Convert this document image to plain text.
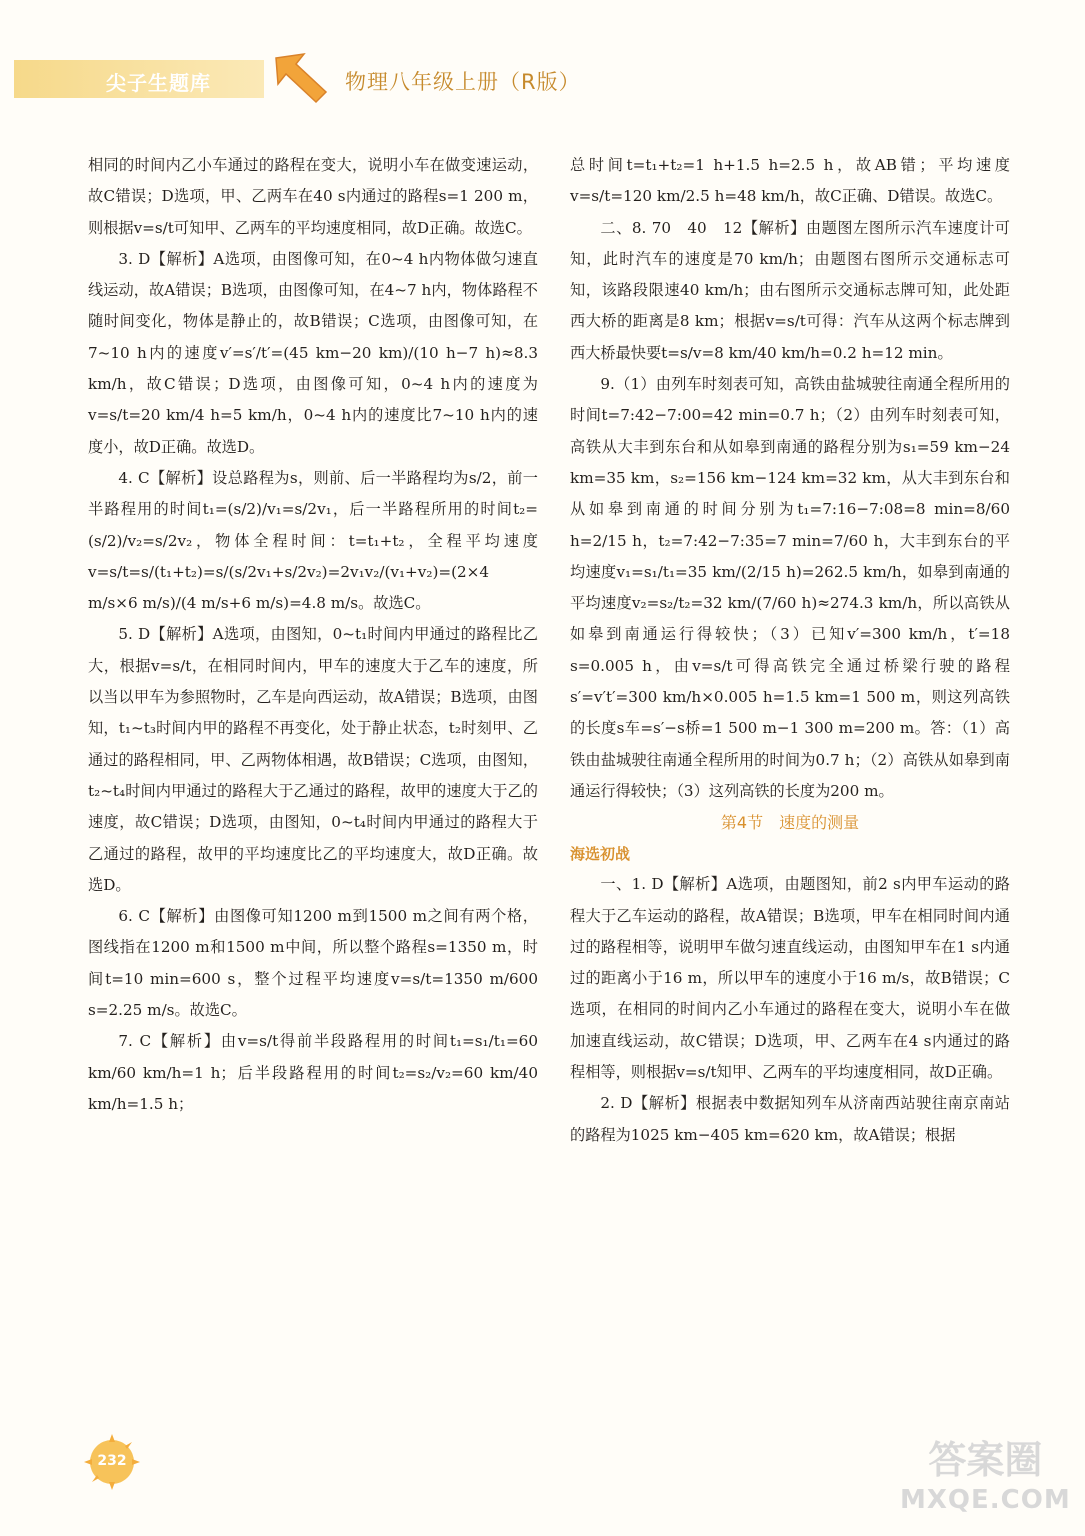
尖子生题库	物理八年级上册（R版）

相同的时间内乙小车通过的路程在变大，说明小车在做变速运动，故C错误；D选项，甲、乙两车在40 s内通过的路程s=1 200 m，则根据v=s/t可知甲、乙两车的平均速度相同，故D正确。故选C。

3. D【解析】A选项，由图像可知，在0~4 h内物体做匀速直线运动，故A错误；B选项，由图像可知，在4~7 h内，物体路程不随时间变化，物体是静止的，故B错误；C选项，由图像可知，在7~10 h内的速度v′=s′/t′=(45 km−20 km)/(10 h−7 h)≈8.3 km/h，故C错误；D选项，由图像可知，0~4 h内的速度为v=s/t=20 km/4 h=5 km/h，0~4 h内的速度比7~10 h内的速度小，故D正确。故选D。

4. C【解析】设总路程为s，则前、后一半路程均为s/2，前一半路程用的时间t₁=(s/2)/v₁=s/2v₁，后一半路程所用的时间t₂=(s/2)/v₂=s/2v₂，物体全程时间：t=t₁+t₂，全程平均速度v=s/t=s/(t₁+t₂)=s/(s/2v₁+s/2v₂)=2v₁v₂/(v₁+v₂)=(2×4 m/s×6 m/s)/(4 m/s+6 m/s)=4.8 m/s。故选C。

5. D【解析】A选项，由图知，0~t₁时间内甲通过的路程比乙大，根据v=s/t，在相同时间内，甲车的速度大于乙车的速度，所以当以甲车为参照物时，乙车是向西运动，故A错误；B选项，由图知，t₁~t₃时间内甲的路程不再变化，处于静止状态，t₂时刻甲、乙通过的路程相同，甲、乙两物体相遇，故B错误；C选项，由图知，t₂~t₄时间内甲通过的路程大于乙通过的路程，故甲的速度大于乙的速度，故C错误；D选项，由图知，0~t₄时间内甲通过的路程大于乙通过的路程，故甲的平均速度比乙的平均速度大，故D正确。故选D。

6. C【解析】由图像可知1200 m到1500 m之间有两个格，图线指在1200 m和1500 m中间，所以整个路程s=1350 m，时间t=10 min=600 s，整个过程平均速度v=s/t=1350 m/600 s=2.25 m/s。故选C。

7. C【解析】由v=s/t得前半段路程用的时间t₁=s₁/t₁=60 km/60 km/h=1 h；后半段路程用的时间t₂=s₂/v₂=60 km/40 km/h=1.5 h；

总时间t=t₁+t₂=1 h+1.5 h=2.5 h，故AB错；平均速度v=s/t=120 km/2.5 h=48 km/h，故C正确、D错误。故选C。

二、8. 70　40　12【解析】由题图左图所示汽车速度计可知，此时汽车的速度是70 km/h；由题图右图所示交通标志可知，该路段限速40 km/h；由右图所示交通标志牌可知，此处距西大桥的距离是8 km；根据v=s/t可得：汽车从这两个标志牌到西大桥最快要t=s/v=8 km/40 km/h=0.2 h=12 min。

9.（1）由列车时刻表可知，高铁由盐城驶往南通全程所用的时间t=7:42−7:00=42 min=0.7 h；（2）由列车时刻表可知，高铁从大丰到东台和从如皋到南通的路程分别为s₁=59 km−24 km=35 km，s₂=156 km−124 km=32 km，从大丰到东台和从如皋到南通的时间分别为t₁=7:16−7:08=8 min=8/60 h=2/15 h，t₂=7:42−7:35=7 min=7/60 h，大丰到东台的平均速度v₁=s₁/t₁=35 km/(2/15 h)=262.5 km/h，如皋到南通的平均速度v₂=s₂/t₂=32 km/(7/60 h)≈274.3 km/h，所以高铁从如皋到南通运行得较快；（3）已知v′=300 km/h，t′=18 s=0.005 h，由v=s/t可得高铁完全通过桥梁行驶的路程s′=v′t′=300 km/h×0.005 h=1.5 km=1 500 m，则这列高铁的长度s车=s′−s桥=1 500 m−1 300 m=200 m。答：（1）高铁由盐城驶往南通全程所用的时间为0.7 h；（2）高铁从如皋到南通运行得较快；（3）这列高铁的长度为200 m。

第4节　速度的测量
海选初战

一、1. D【解析】A选项，由题图知，前2 s内甲车运动的路程大于乙车运动的路程，故A错误；B选项，甲车在相同时间内通过的路程相等，说明甲车做匀速直线运动，由图知甲车在1 s内通过的距离小于16 m，所以甲车的速度小于16 m/s，故B错误；C选项，在相同的时间内乙小车通过的路程在变大，说明小车在做加速直线运动，故C错误；D选项，甲、乙两车在4 s内通过的路程相等，则根据v=s/t知甲、乙两车的平均速度相同，故D正确。

2. D【解析】根据表中数据知列车从济南西站驶往南京南站的路程为1025 km−405 km=620 km，故A错误；根据

232	答案圈
MXQE.COM
